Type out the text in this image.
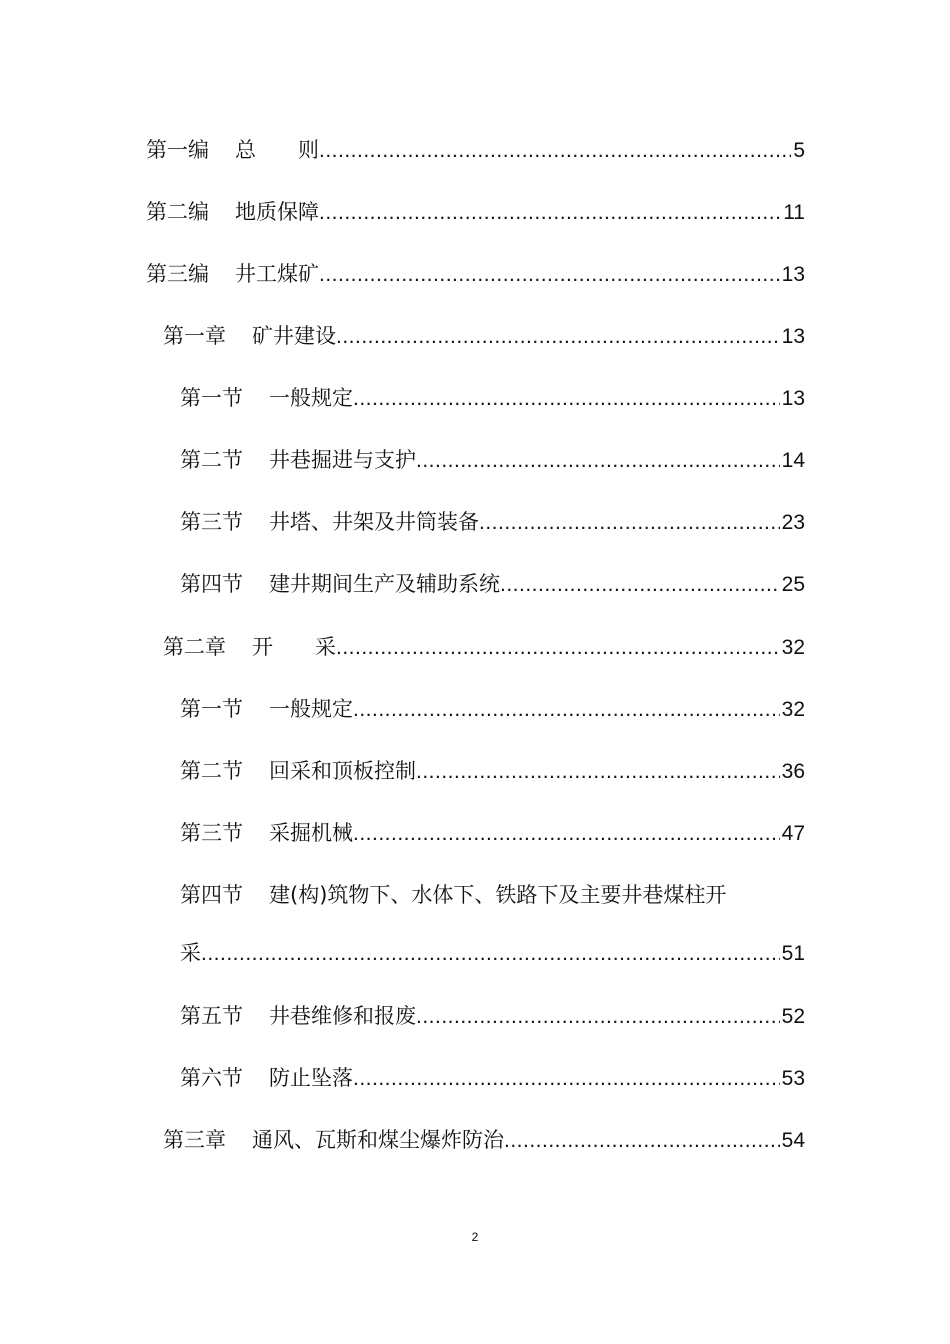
第一编 总　　则 .....	5
第二编 地质保障 .....	11
第三编 井工煤矿 .....	13
第一章 矿井建设 .....	13
第一节 一般规定 .....	13
第二节 井巷掘进与支护 .....	14
第三节 井塔、井架及井筒装备 .....	23
第四节 建井期间生产及辅助系统 .....	25
第二章 开　　采 .....	32
第一节 一般规定 .....	32
第二节 回采和顶板控制 .....	36
第三节 采掘机械 .....	47
第四节 建(构)筑物下、水体下、铁路下及主要井巷煤柱开
采 .....	51
第五节 井巷维修和报废 .....	52
第六节 防止坠落 .....	53
第三章 通风、瓦斯和煤尘爆炸防治 .....	54
2
